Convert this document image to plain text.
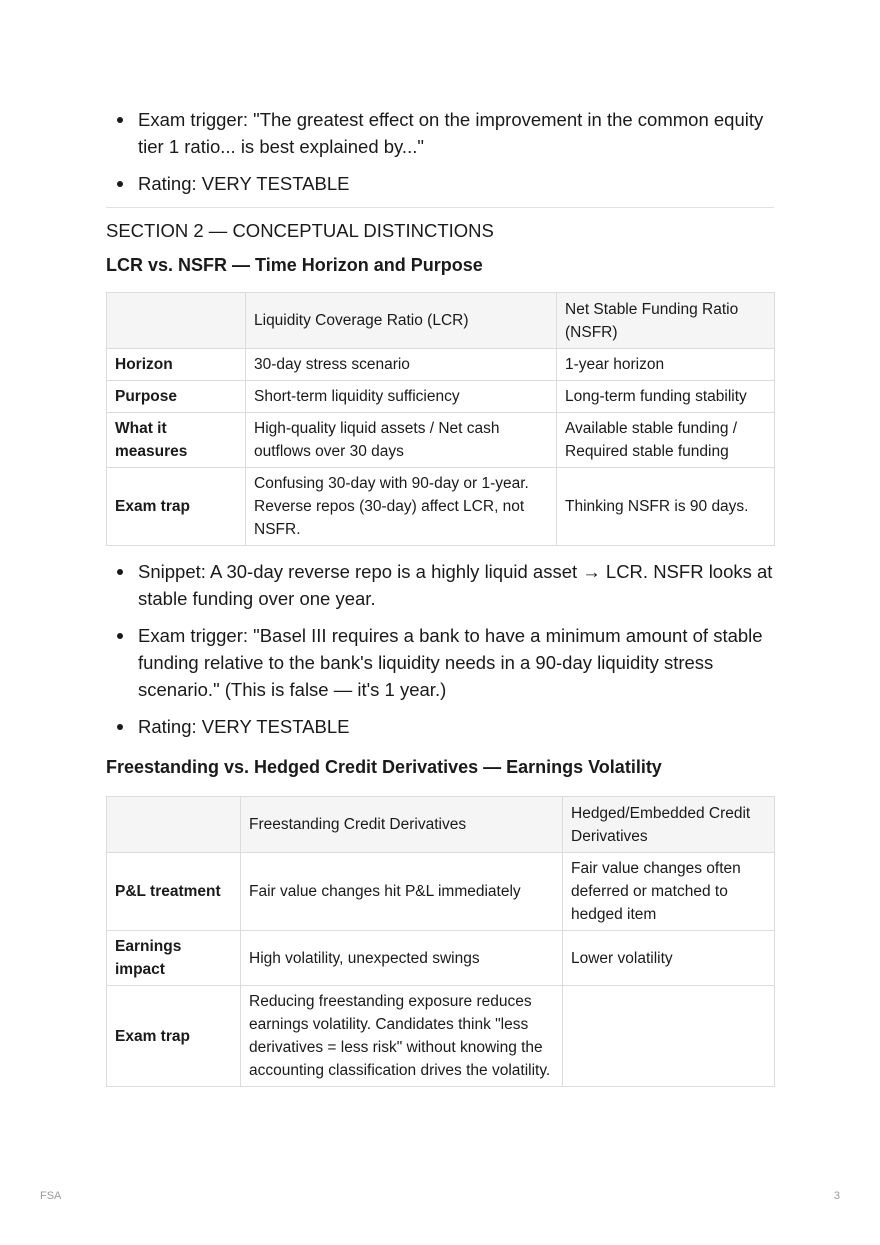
Exam trigger: "The greatest effect on the improvement in the common equity tier 1 ratio... is best explained by..."
Rating: VERY TESTABLE
SECTION 2 — CONCEPTUAL DISTINCTIONS
LCR vs. NSFR — Time Horizon and Purpose
	Liquidity Coverage Ratio (LCR)	Net Stable Funding Ratio (NSFR)
Horizon	30-day stress scenario	1-year horizon
Purpose	Short-term liquidity sufficiency	Long-term funding stability
What it measures	High-quality liquid assets / Net cash outflows over 30 days	Available stable funding / Required stable funding
Exam trap	Confusing 30-day with 90-day or 1-year. Reverse repos (30-day) affect LCR, not NSFR.	Thinking NSFR is 90 days.
Snippet: A 30-day reverse repo is a highly liquid asset → LCR. NSFR looks at stable funding over one year.
Exam trigger: "Basel III requires a bank to have a minimum amount of stable funding relative to the bank's liquidity needs in a 90-day liquidity stress scenario." (This is false — it's 1 year.)
Rating: VERY TESTABLE
Freestanding vs. Hedged Credit Derivatives — Earnings Volatility
	Freestanding Credit Derivatives	Hedged/Embedded Credit Derivatives
P&L treatment	Fair value changes hit P&L immediately	Fair value changes often deferred or matched to hedged item
Earnings impact	High volatility, unexpected swings	Lower volatility
Exam trap	Reducing freestanding exposure reduces earnings volatility. Candidates think "less derivatives = less risk" without knowing the accounting classification drives the volatility.	
FSA	3
